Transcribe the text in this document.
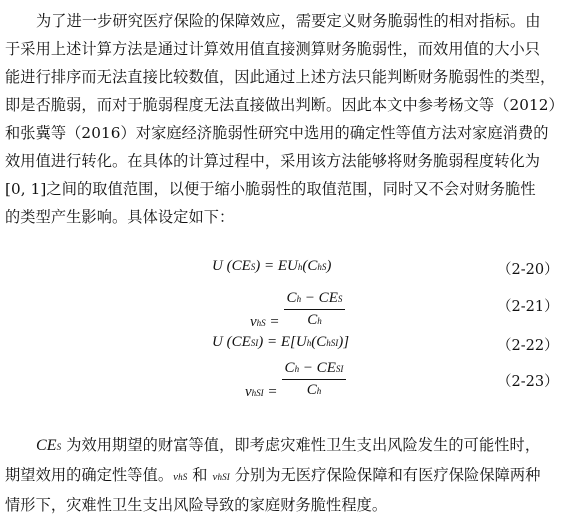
为了进一步研究医疗保险的保障效应，需要定义财务脆弱性的相对指标。由
于采用上述计算方法是通过计算效用值直接测算财务脆弱性，而效用值的大小只
能进行排序而无法直接比较数值，因此通过上述方法只能判断财务脆弱性的类型，
即是否脆弱，而对于脆弱程度无法直接做出判断。因此本文中参考杨文等（2012）
和张冀等（2016）对家庭经济脆弱性研究中选用的确定性等值方法对家庭消费的
效用值进行转化。在具体的计算过程中，采用该方法能够将财务脆弱程度转化为
[0, 1]之间的取值范围，以便于缩小脆弱性的取值范围，同时又不会对财务脆性
的类型产生影响。具体设定如下：
U (CES) = EUh(ChS)	（2-20）
vhS = $\frac{\text{Ch − CES}}{Ch}$	（2-21）
U (CESI) = E[Uh(ChSI)]	（2-22）
vhSI = $\frac{\text{Ch − CESI}}{Ch}$	（2-23）
CES 为效用期望的财富等值，即考虑灾难性卫生支出风险发生的可能性时，
期望效用的确定性等值。vhS 和 vhSI 分别为无医疗保险保障和有医疗保险保障两种
情形下，灾难性卫生支出风险导致的家庭财务脆性程度。
